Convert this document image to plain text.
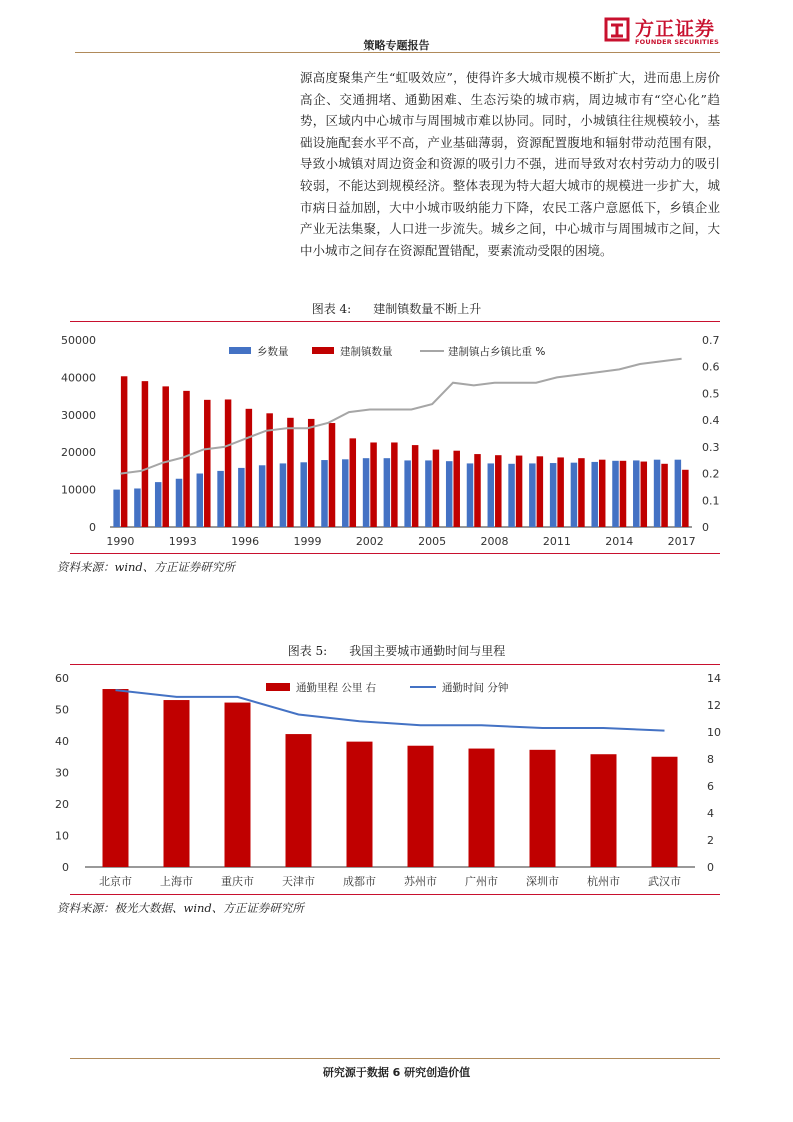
策略专题报告
方正证券
FOUNDER SECURITIES

源高度聚集产生“虹吸效应”，使得许多大城市规模不断扩大，进而患上房价高企、交通拥堵、通勤困难、生态污染的城市病，周边城市有“空心化”趋势，区域内中心城市与周围城市难以协同。同时，小城镇往往规模较小，基础设施配套水平不高，产业基础薄弱，资源配置腹地和辐射带动范围有限，导致小城镇对周边资金和资源的吸引力不强，进而导致对农村劳动力的吸引较弱，不能达到规模经济。整体表现为特大超大城市的规模进一步扩大，城市病日益加剧，大中小城市吸纳能力下降，农民工落户意愿低下，乡镇企业产业无法集聚，人口进一步流失。城乡之间，中心城市与周围城市之间，大中小城市之间存在资源配置错配，要素流动受限的困境。

图表 4: 建制镇数量不断上升
0
10000
20000
30000
40000
50000
0
0.1
0.2
0.3
0.4
0.5
0.6
0.7
1990	1993	1996	1999	2002	2005	2008	2011	2014	2017
乡数量	建制镇数量	建制镇占乡镇比重 %
资料来源：wind、方正证券研究所
图表 5: 我国主要城市通勤时间与里程
0
10
20
30
40
50
60
0
2
4
6
8
10
12
14
北京市	上海市	重庆市	天津市	成都市	苏州市	广州市	深圳市	杭州市	武汉市
通勤里程 公里 右	通勤时间 分钟
资料来源：极光大数据、wind、方正证券研究所
研究源于数据 6 研究创造价值
